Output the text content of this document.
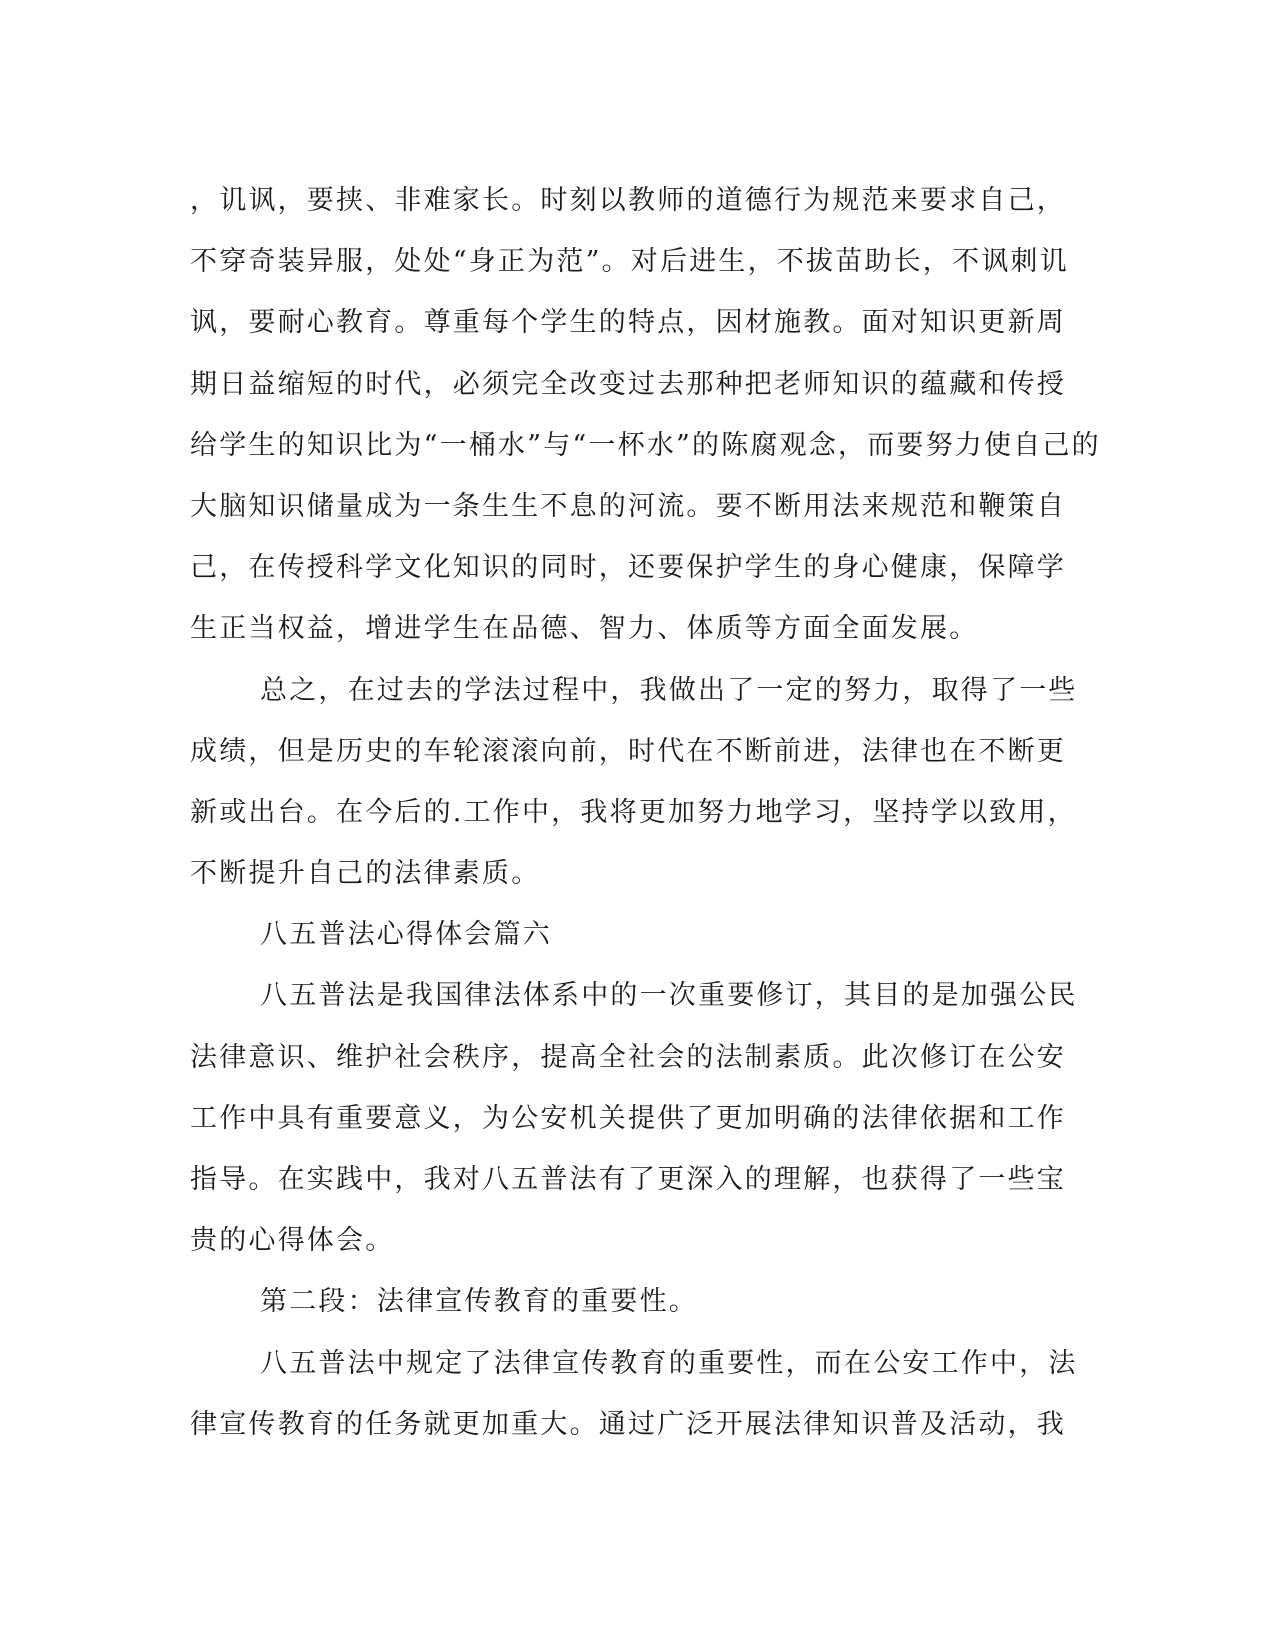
，讥讽，要挟、非难家长。时刻以教师的道德行为规范来要求自己，
不穿奇装异服，处处“身正为范”。对后进生，不拔苗助长，不讽刺讥
讽，要耐心教育。尊重每个学生的特点，因材施教。面对知识更新周
期日益缩短的时代，必须完全改变过去那种把老师知识的蕴藏和传授
给学生的知识比为“一桶水”与“一杯水”的陈腐观念，而要努力使自己的
大脑知识储量成为一条生生不息的河流。要不断用法来规范和鞭策自
己，在传授科学文化知识的同时，还要保护学生的身心健康，保障学
生正当权益，增进学生在品德、智力、体质等方面全面发展。
总之，在过去的学法过程中，我做出了一定的努力，取得了一些
成绩，但是历史的车轮滚滚向前，时代在不断前进，法律也在不断更
新或出台。在今后的.工作中，我将更加努力地学习，坚持学以致用，
不断提升自己的法律素质。
八五普法心得体会篇六
八五普法是我国律法体系中的一次重要修订，其目的是加强公民
法律意识、维护社会秩序，提高全社会的法制素质。此次修订在公安
工作中具有重要意义，为公安机关提供了更加明确的法律依据和工作
指导。在实践中，我对八五普法有了更深入的理解，也获得了一些宝
贵的心得体会。
第二段：法律宣传教育的重要性。
八五普法中规定了法律宣传教育的重要性，而在公安工作中，法
律宣传教育的任务就更加重大。通过广泛开展法律知识普及活动，我
